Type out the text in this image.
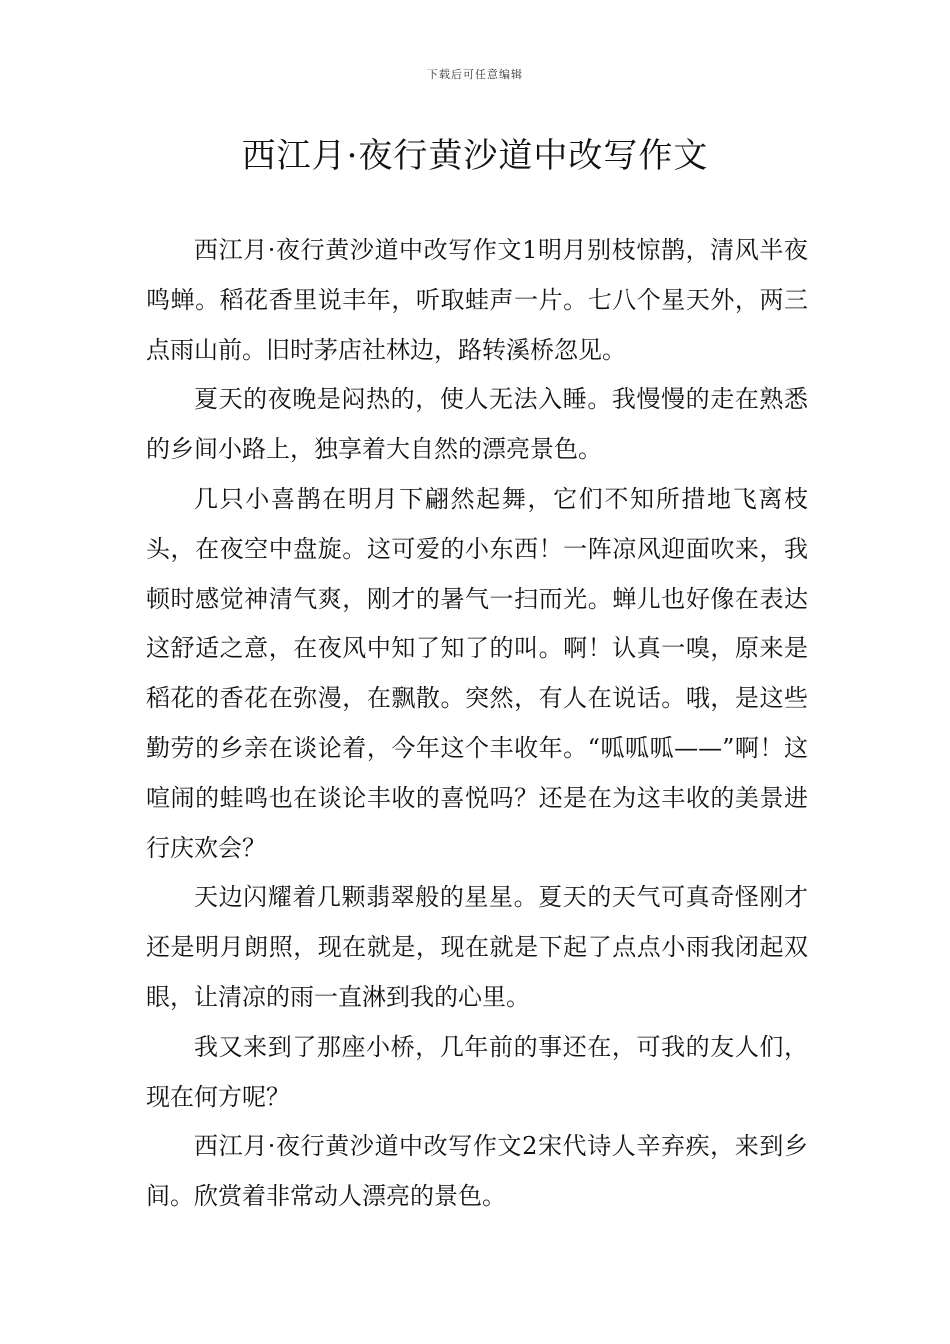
下载后可任意编辑
西江月·夜行黄沙道中改写作文

西江月·夜行黄沙道中改写作文1明月别枝惊鹊，清风半夜鸣蝉。稻花香里说丰年，听取蛙声一片。七八个星天外，两三点雨山前。旧时茅店社林边，路转溪桥忽见。

夏天的夜晚是闷热的，使人无法入睡。我慢慢的走在熟悉的乡间小路上，独享着大自然的漂亮景色。

几只小喜鹊在明月下翩然起舞，它们不知所措地飞离枝头，在夜空中盘旋。这可爱的小东西！一阵凉风迎面吹来，我顿时感觉神清气爽，刚才的暑气一扫而光。蝉儿也好像在表达这舒适之意，在夜风中知了知了的叫。啊！认真一嗅，原来是稻花的香花在弥漫，在飘散。突然，有人在说话。哦，是这些勤劳的乡亲在谈论着，今年这个丰收年。“呱呱呱——”啊！这喧闹的蛙鸣也在谈论丰收的喜悦吗？还是在为这丰收的美景进行庆欢会？

天边闪耀着几颗翡翠般的星星。夏天的天气可真奇怪刚才还是明月朗照，现在就是，现在就是下起了点点小雨我闭起双眼，让清凉的雨一直淋到我的心里。

我又来到了那座小桥，几年前的事还在，可我的友人们，现在何方呢？

西江月·夜行黄沙道中改写作文2宋代诗人辛弃疾，来到乡间。欣赏着非常动人漂亮的景色。
